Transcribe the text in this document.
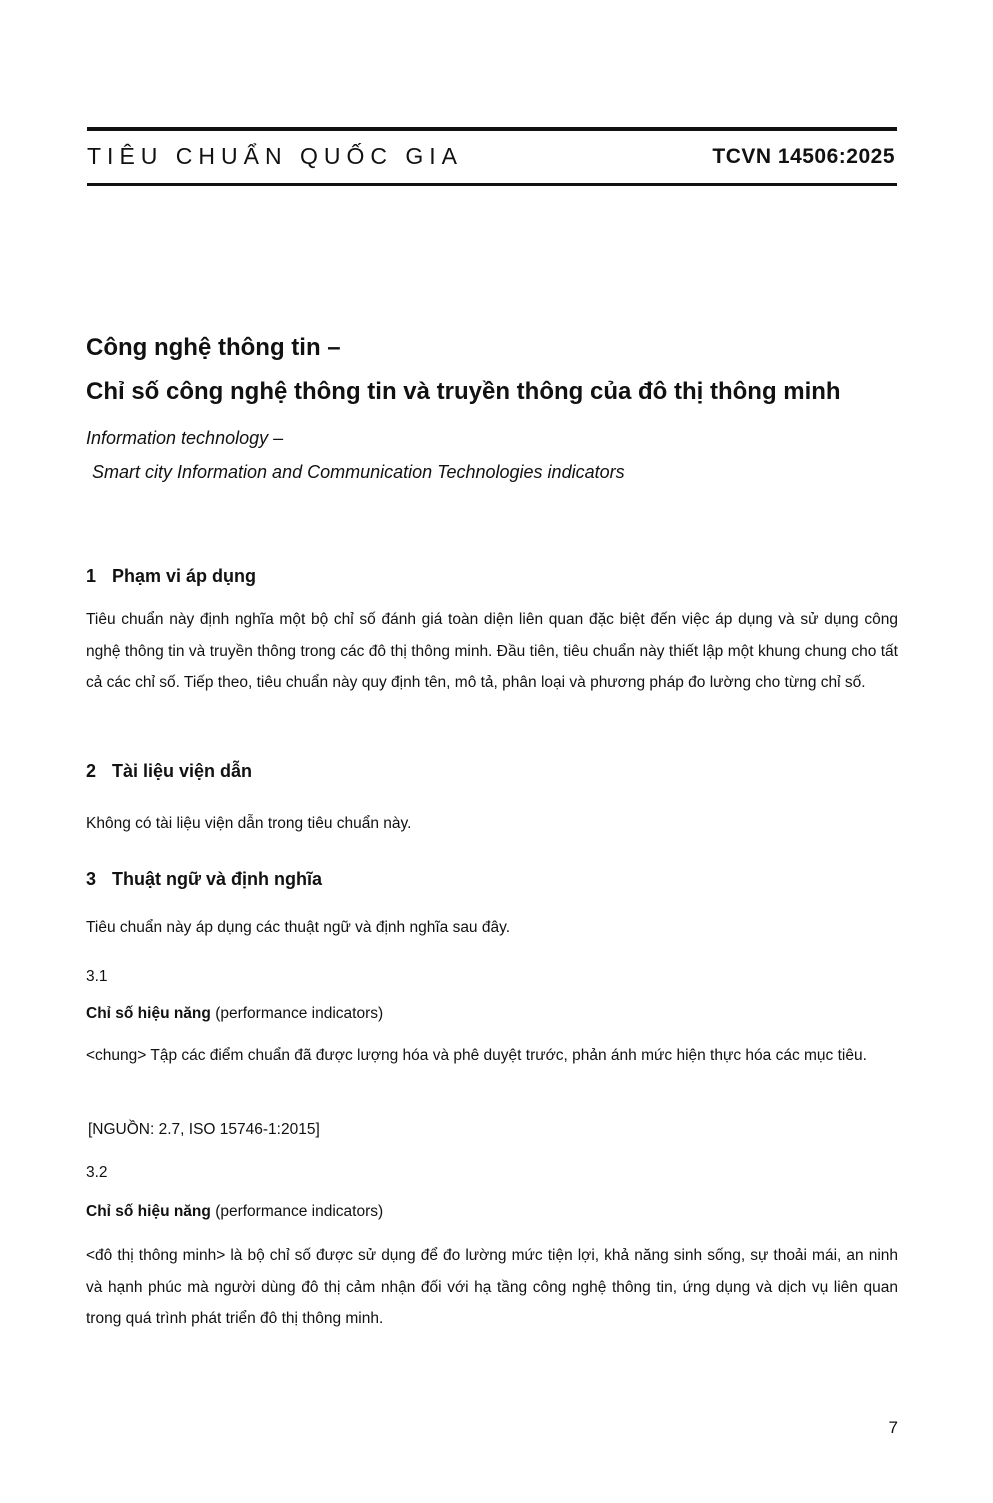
TIÊU CHUẨN QUỐC GIA	TCVN 14506:2025
Công nghệ thông tin –
Chỉ số công nghệ thông tin và truyền thông của đô thị thông minh
Information technology –
Smart city Information and Communication Technologies indicators
1 Phạm vi áp dụng
Tiêu chuẩn này định nghĩa một bộ chỉ số đánh giá toàn diện liên quan đặc biệt đến việc áp dụng và sử dụng công nghệ thông tin và truyền thông trong các đô thị thông minh. Đầu tiên, tiêu chuẩn này thiết lập một khung chung cho tất cả các chỉ số. Tiếp theo, tiêu chuẩn này quy định tên, mô tả, phân loại và phương pháp đo lường cho từng chỉ số.
2 Tài liệu viện dẫn
Không có tài liệu viện dẫn trong tiêu chuẩn này.
3 Thuật ngữ và định nghĩa
Tiêu chuẩn này áp dụng các thuật ngữ và định nghĩa sau đây.
3.1
Chỉ số hiệu năng (performance indicators)
<chung> Tập các điểm chuẩn đã được lượng hóa và phê duyệt trước, phản ánh mức hiện thực hóa các mục tiêu.
[NGUỒN: 2.7, ISO 15746-1:2015]
3.2
Chỉ số hiệu năng (performance indicators)
<đô thị thông minh> là bộ chỉ số được sử dụng để đo lường mức tiện lợi, khả năng sinh sống, sự thoải mái, an ninh và hạnh phúc mà người dùng đô thị cảm nhận đối với hạ tầng công nghệ thông tin, ứng dụng và dịch vụ liên quan trong quá trình phát triển đô thị thông minh.
7
